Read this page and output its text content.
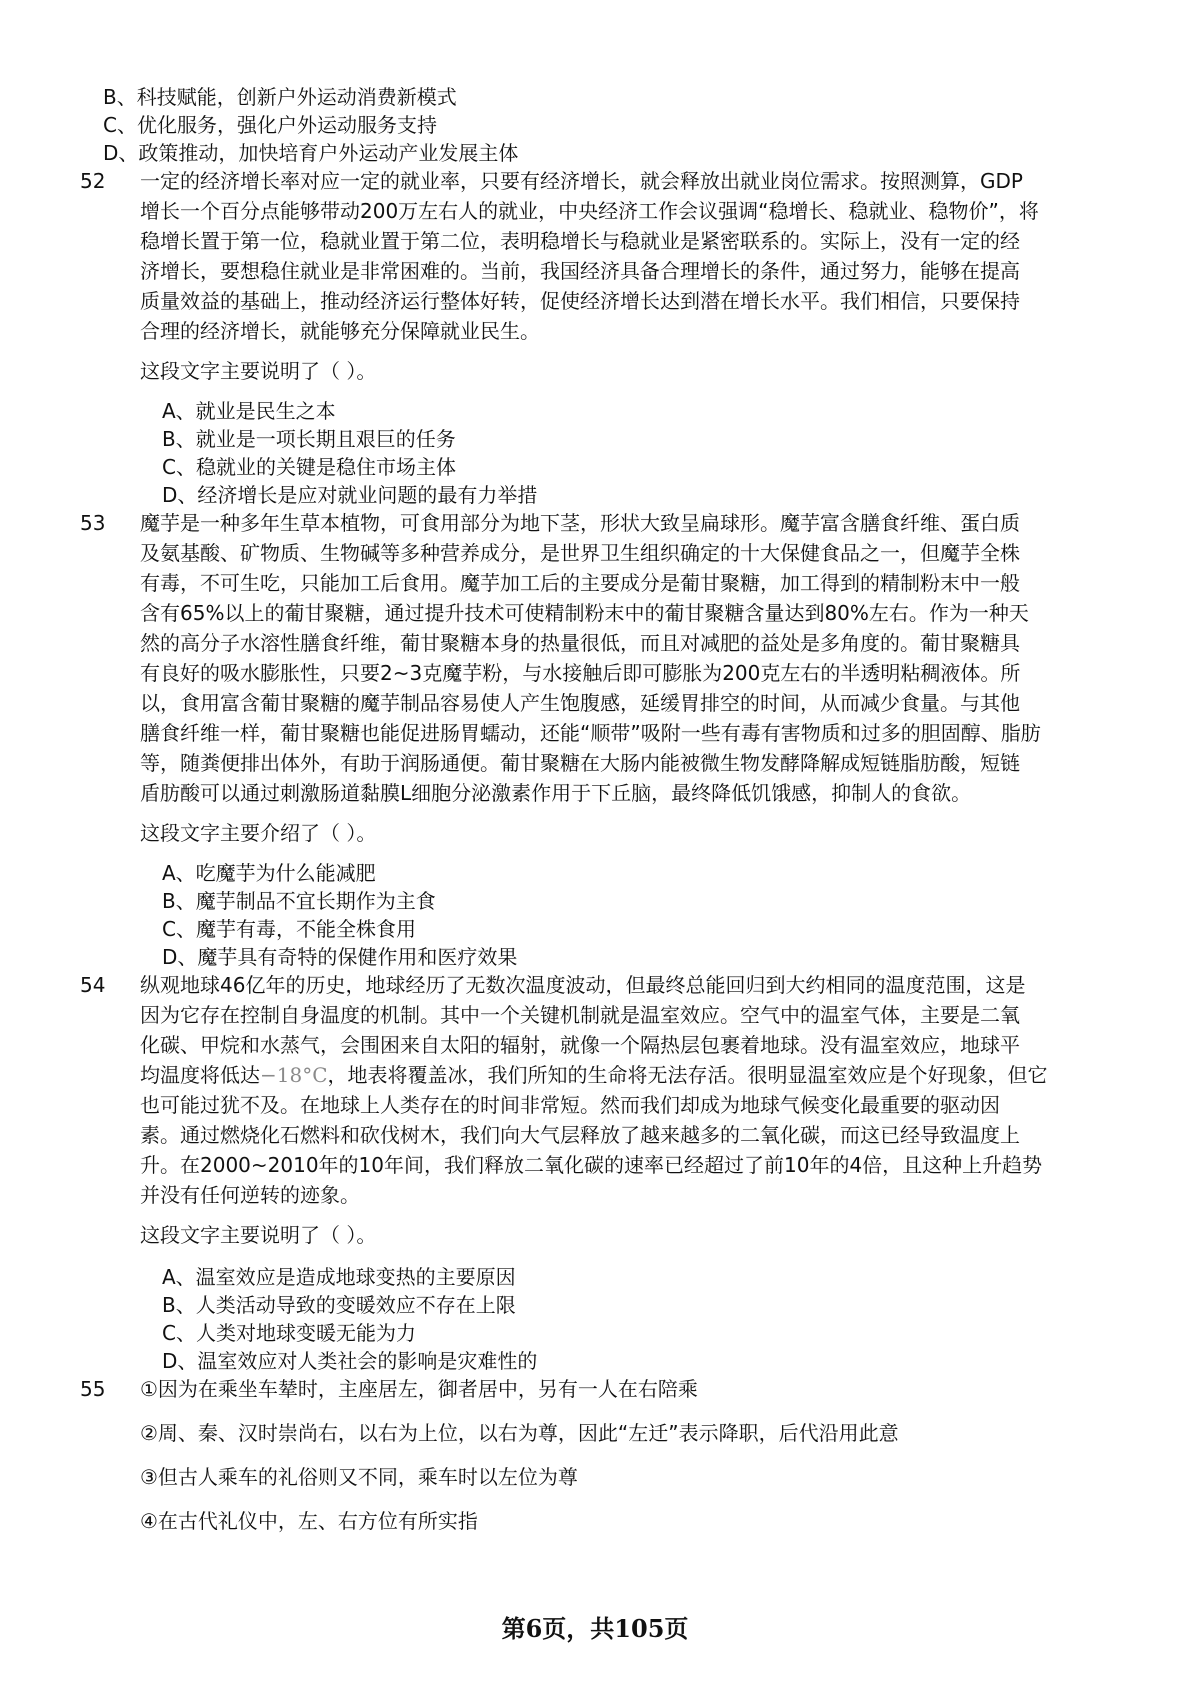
B、科技赋能，创新户外运动消费新模式

C、优化服务，强化户外运动服务支持

D、政策推动，加快培育户外运动产业发展主体

52	一定的经济增长率对应一定的就业率，只要有经济增长，就会释放出就业岗位需求。按照测算，GDP

增长一个百分点能够带动200万左右人的就业，中央经济工作会议强调“稳增长、稳就业、稳物价”，将

稳增长置于第一位，稳就业置于第二位，表明稳增长与稳就业是紧密联系的。实际上，没有一定的经

济增长，要想稳住就业是非常困难的。当前，我国经济具备合理增长的条件，通过努力，能够在提高

质量效益的基础上，推动经济运行整体好转，促使经济增长达到潜在增长水平。我们相信，只要保持

合理的经济增长，就能够充分保障就业民生。

这段文字主要说明了（ ）。

A、就业是民生之本

B、就业是一项长期且艰巨的任务

C、稳就业的关键是稳住市场主体

D、经济增长是应对就业问题的最有力举措

53	魔芋是一种多年生草本植物，可食用部分为地下茎，形状大致呈扁球形。魔芋富含膳食纤维、蛋白质

及氨基酸、矿物质、生物碱等多种营养成分，是世界卫生组织确定的十大保健食品之一，但魔芋全株

有毒，不可生吃，只能加工后食用。魔芋加工后的主要成分是葡甘聚糖，加工得到的精制粉末中一般

含有65%以上的葡甘聚糖，通过提升技术可使精制粉末中的葡甘聚糖含量达到80%左右。作为一种天

然的高分子水溶性膳食纤维，葡甘聚糖本身的热量很低，而且对减肥的益处是多角度的。葡甘聚糖具

有良好的吸水膨胀性，只要2~3克魔芋粉，与水接触后即可膨胀为200克左右的半透明粘稠液体。所

以，食用富含葡甘聚糖的魔芋制品容易使人产生饱腹感，延缓胃排空的时间，从而减少食量。与其他

膳食纤维一样，葡甘聚糖也能促进肠胃蠕动，还能“顺带”吸附一些有毒有害物质和过多的胆固醇、脂肪

等，随粪便排出体外，有助于润肠通便。葡甘聚糖在大肠内能被微生物发酵降解成短链脂肪酸，短链

盾肪酸可以通过刺激肠道黏膜L细胞分泌激素作用于下丘脑，最终降低饥饿感，抑制人的食欲。

这段文字主要介绍了（ ）。

A、吃魔芋为什么能减肥

B、魔芋制品不宜长期作为主食

C、魔芋有毒，不能全株食用

D、魔芋具有奇特的保健作用和医疗效果

54	纵观地球46亿年的历史，地球经历了无数次温度波动，但最终总能回归到大约相同的温度范围，这是

因为它存在控制自身温度的机制。其中一个关键机制就是温室效应。空气中的温室气体，主要是二氧

化碳、甲烷和水蒸气，会围困来自太阳的辐射，就像一个隔热层包裹着地球。没有温室效应，地球平

均温度将低达−18°C，地表将覆盖冰，我们所知的生命将无法存活。很明显温室效应是个好现象，但它

也可能过犹不及。在地球上人类存在的时间非常短。然而我们却成为地球气候变化最重要的驱动因

素。通过燃烧化石燃料和砍伐树木，我们向大气层释放了越来越多的二氧化碳，而这已经导致温度上

升。在2000~2010年的10年间，我们释放二氧化碳的速率已经超过了前10年的4倍，且这种上升趋势

并没有任何逆转的迹象。

这段文字主要说明了（ ）。

A、温室效应是造成地球变热的主要原因

B、人类活动导致的变暖效应不存在上限

C、人类对地球变暖无能为力

D、温室效应对人类社会的影响是灾难性的

55	①因为在乘坐车辇时，主座居左，御者居中，另有一人在右陪乘

②周、秦、汉时崇尚右，以右为上位，以右为尊，因此“左迁”表示降职，后代沿用此意

③但古人乘车的礼俗则又不同，乘车时以左位为尊

④在古代礼仪中，左、右方位有所实指

第6页，共105页
